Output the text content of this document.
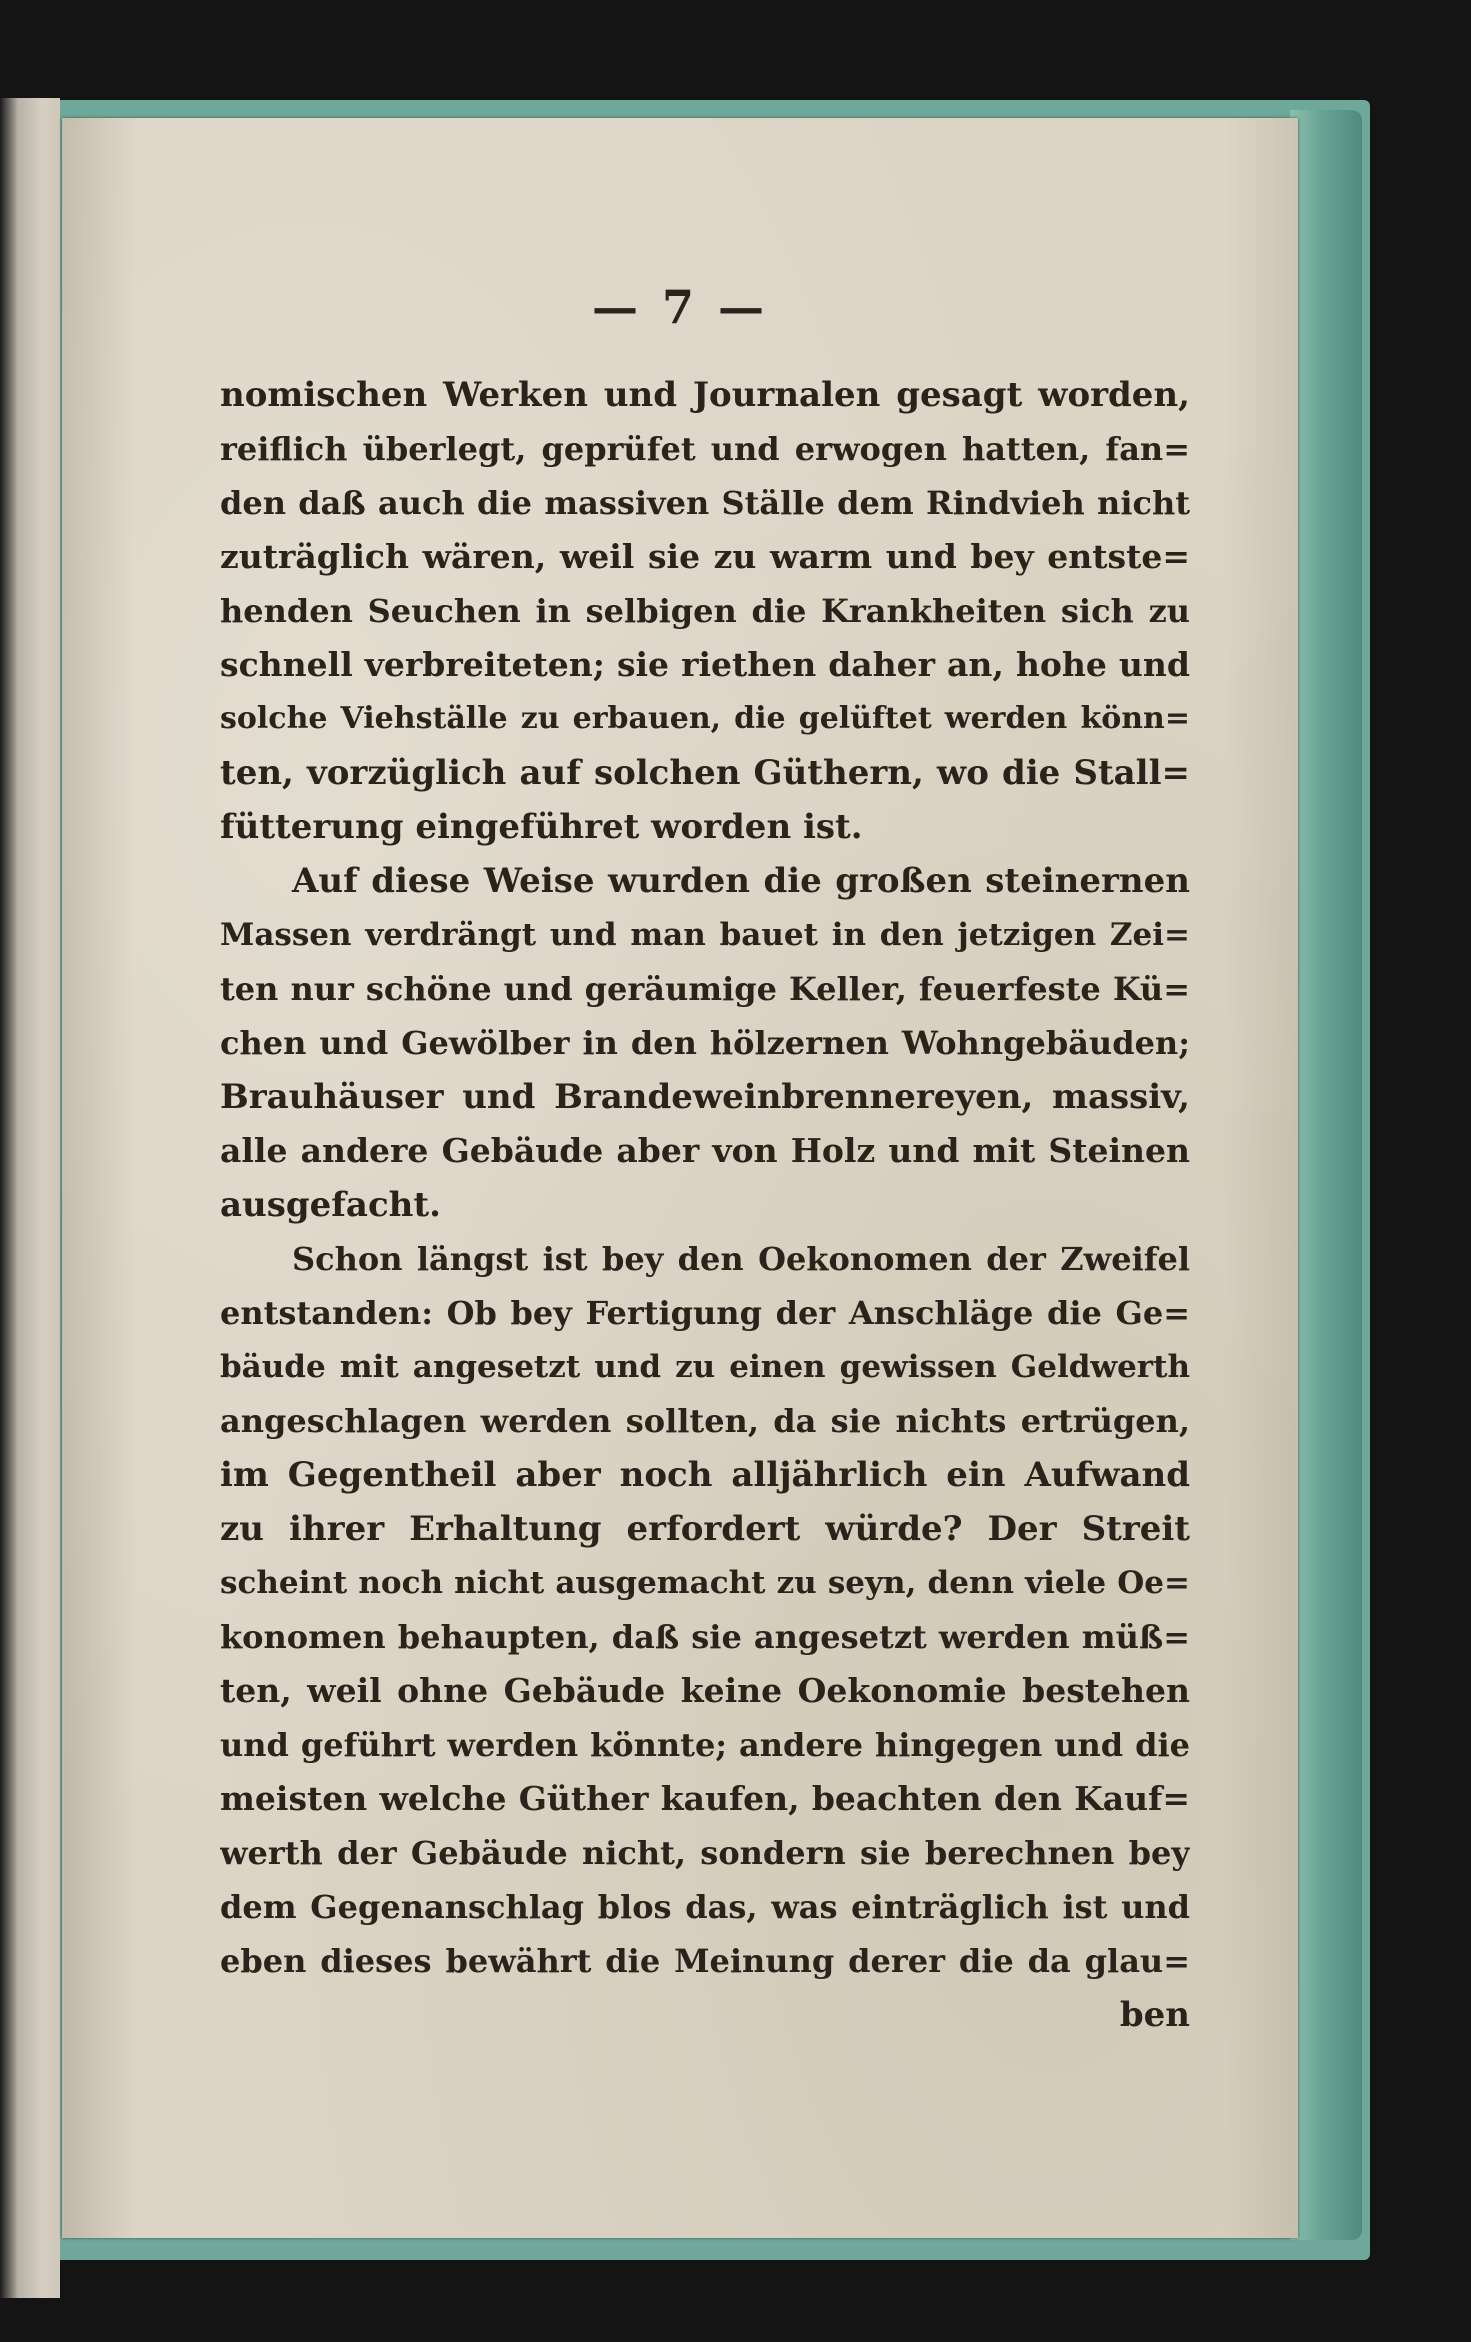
— 7 —
nomischen Werken und Journalen gesagt worden,
reiflich überlegt, geprüfet und erwogen hatten, fan=
den daß auch die massiven Ställe dem Rindvieh nicht
zuträglich wären, weil sie zu warm und bey entste=
henden Seuchen in selbigen die Krankheiten sich zu
schnell verbreiteten; sie riethen daher an, hohe und
solche Viehställe zu erbauen, die gelüftet werden könn=
ten, vorzüglich auf solchen Güthern, wo die Stall=
fütterung eingeführet worden ist.
Auf diese Weise wurden die großen steinernen
Massen verdrängt und man bauet in den jetzigen Zei=
ten nur schöne und geräumige Keller, feuerfeste Kü=
chen und Gewölber in den hölzernen Wohngebäuden;
Brauhäuser und Brandeweinbrennereyen, massiv,
alle andere Gebäude aber von Holz und mit Steinen
ausgefacht.
Schon längst ist bey den Oekonomen der Zweifel
entstanden: Ob bey Fertigung der Anschläge die Ge=
bäude mit angesetzt und zu einen gewissen Geldwerth
angeschlagen werden sollten, da sie nichts ertrügen,
im Gegentheil aber noch alljährlich ein Aufwand
zu ihrer Erhaltung erfordert würde? Der Streit
scheint noch nicht ausgemacht zu seyn, denn viele Oe=
konomen behaupten, daß sie angesetzt werden müß=
ten, weil ohne Gebäude keine Oekonomie bestehen
und geführt werden könnte; andere hingegen und die
meisten welche Güther kaufen, beachten den Kauf=
werth der Gebäude nicht, sondern sie berechnen bey
dem Gegenanschlag blos das, was einträglich ist und
eben dieses bewährt die Meinung derer die da glau=
ben
